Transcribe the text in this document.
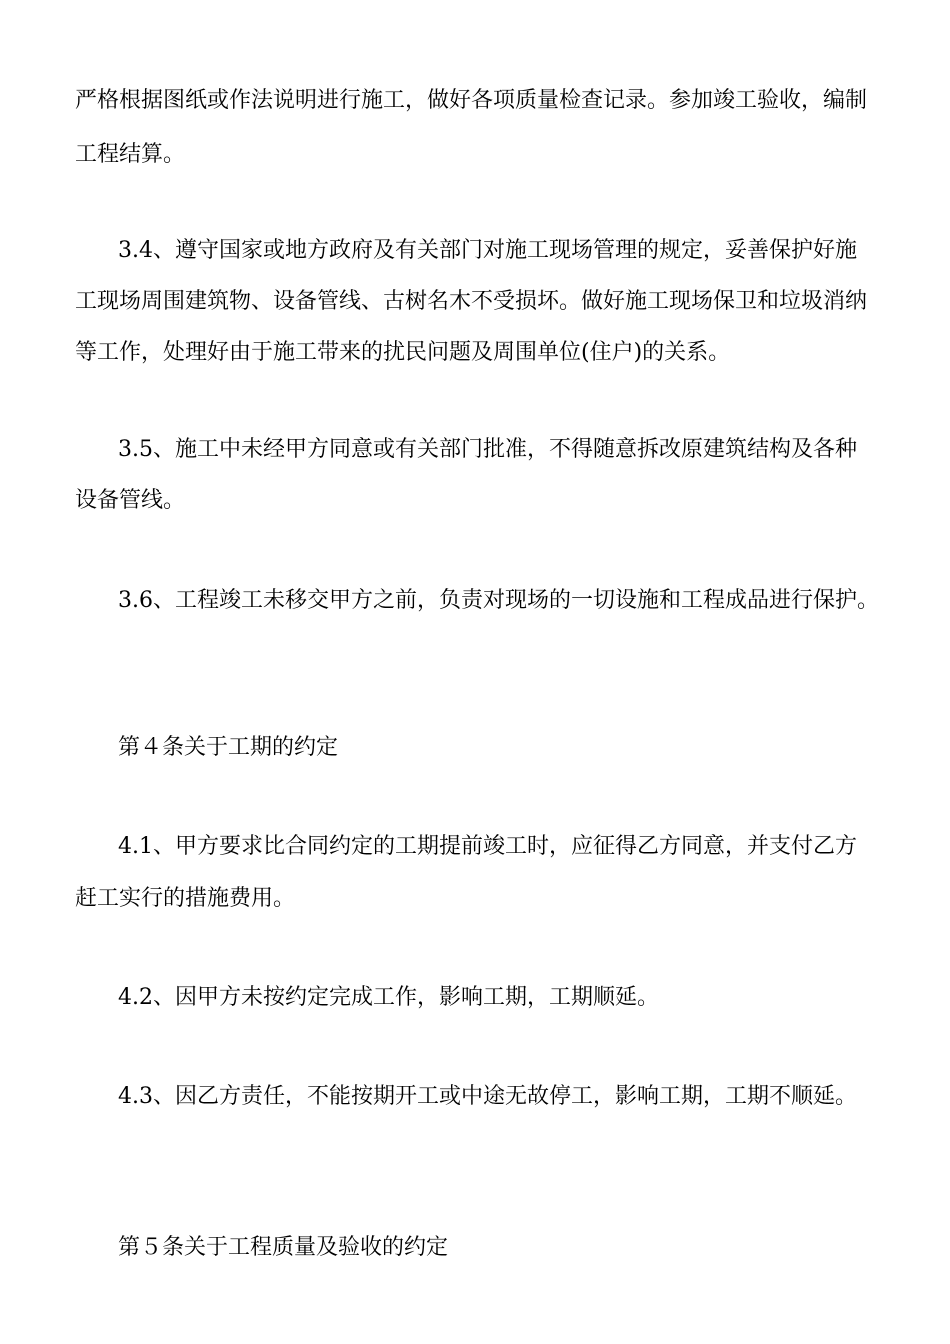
严格根据图纸或作法说明进行施工，做好各项质量检查记录。参加竣工验收，编制
工程结算。
3.4、遵守国家或地方政府及有关部门对施工现场管理的规定，妥善保护好施
工现场周围建筑物、设备管线、古树名木不受损坏。做好施工现场保卫和垃圾消纳
等工作，处理好由于施工带来的扰民问题及周围单位(住户)的关系。
3.5、施工中未经甲方同意或有关部门批准，不得随意拆改原建筑结构及各种
设备管线。
3.6、工程竣工未移交甲方之前，负责对现场的一切设施和工程成品进行保护。
第４条关于工期的约定
4.1、甲方要求比合同约定的工期提前竣工时，应征得乙方同意，并支付乙方
赶工实行的措施费用。
4.2、因甲方未按约定完成工作，影响工期，工期顺延。
4.3、因乙方责任，不能按期开工或中途无故停工，影响工期，工期不顺延。
第５条关于工程质量及验收的约定
